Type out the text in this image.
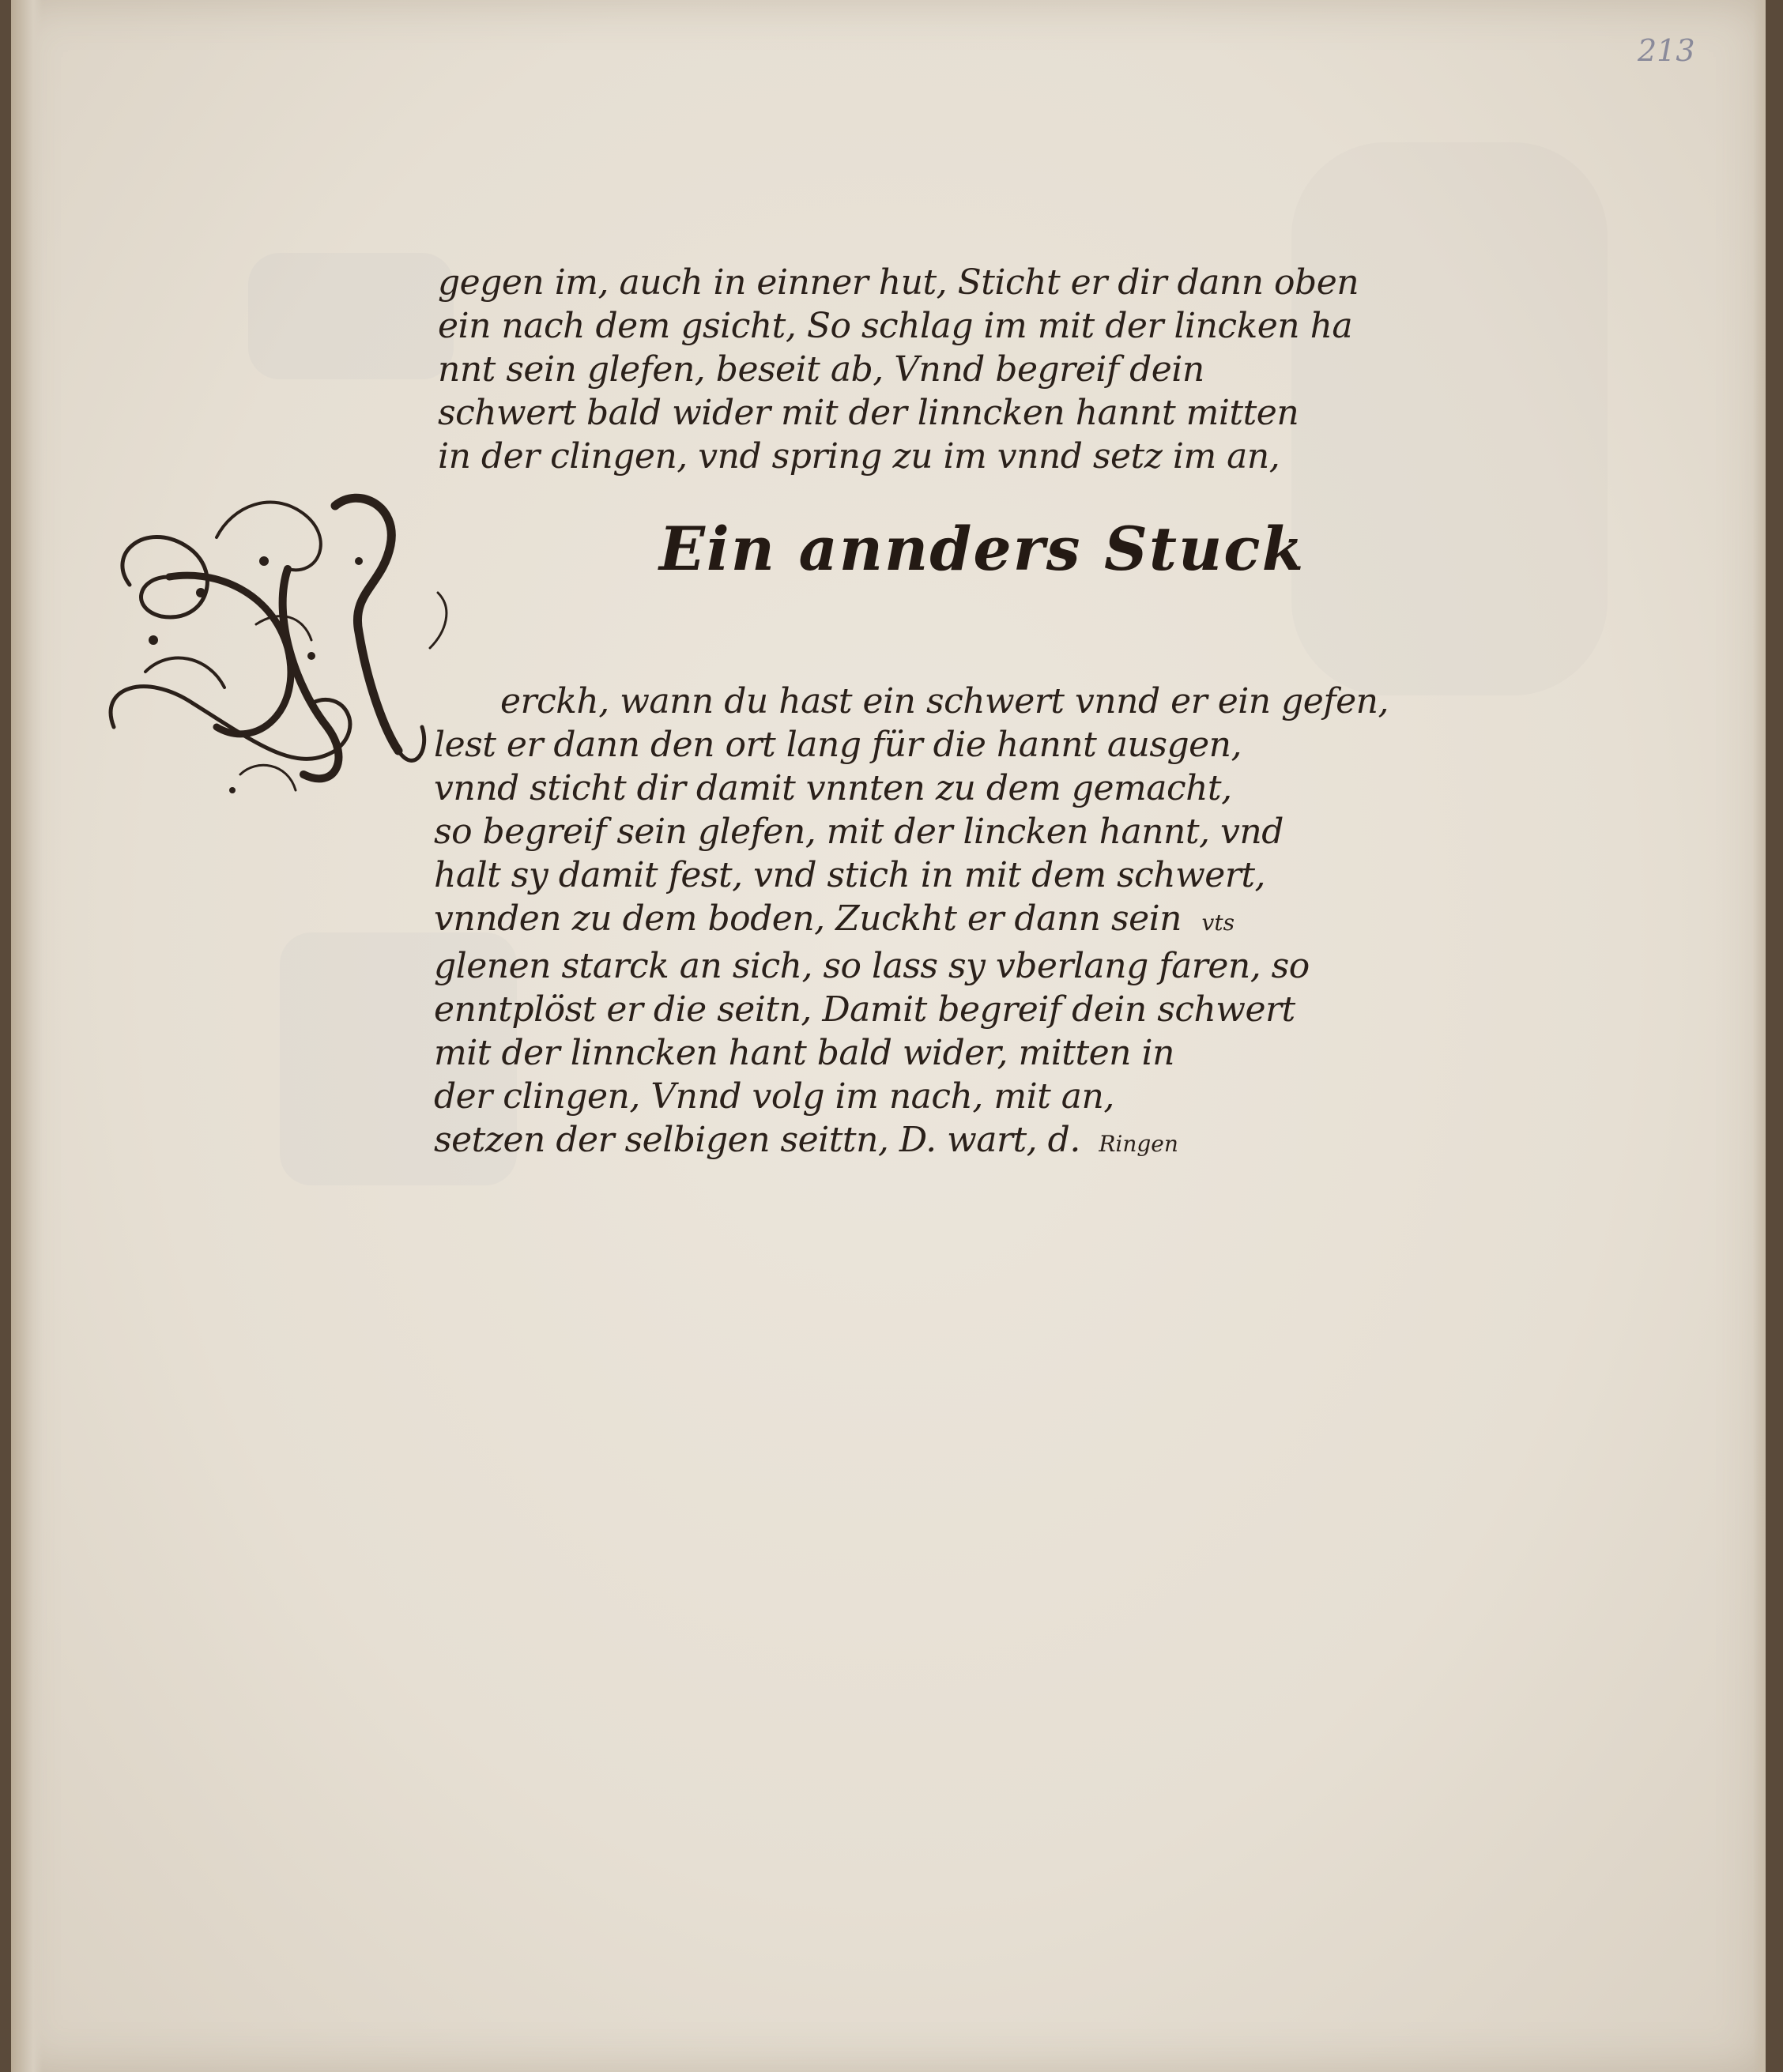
213
gegen im, auch in einner hut, Sticht er dir dann oben
ein nach dem gsicht, So schlag im mit der lincken ha
nnt sein glefen, beseit ab, Vnnd begreif dein
schwert bald wider mit der linncken hannt mitten
in der clingen, vnd spring zu im vnnd setz im an,
Ein annders Stuck
erckh, wann du hast ein schwert vnnd er ein gefen,
lest er dann den ort lang für die hannt ausgen,
vnnd sticht dir damit vnnten zu dem gemacht,
so begreif sein glefen, mit der lincken hannt, vnd
halt sy damit fest, vnd stich in mit dem schwert,
vnnden zu dem boden, Zuckht er dann sein vts
glenen starck an sich, so lass sy vberlang faren, so
enntplöst er die seitn, Damit begreif dein schwert
mit der linncken hant bald wider, mitten in
der clingen, Vnnd volg im nach, mit an,
setzen der selbigen seittn, D. wart, d. Ringen
